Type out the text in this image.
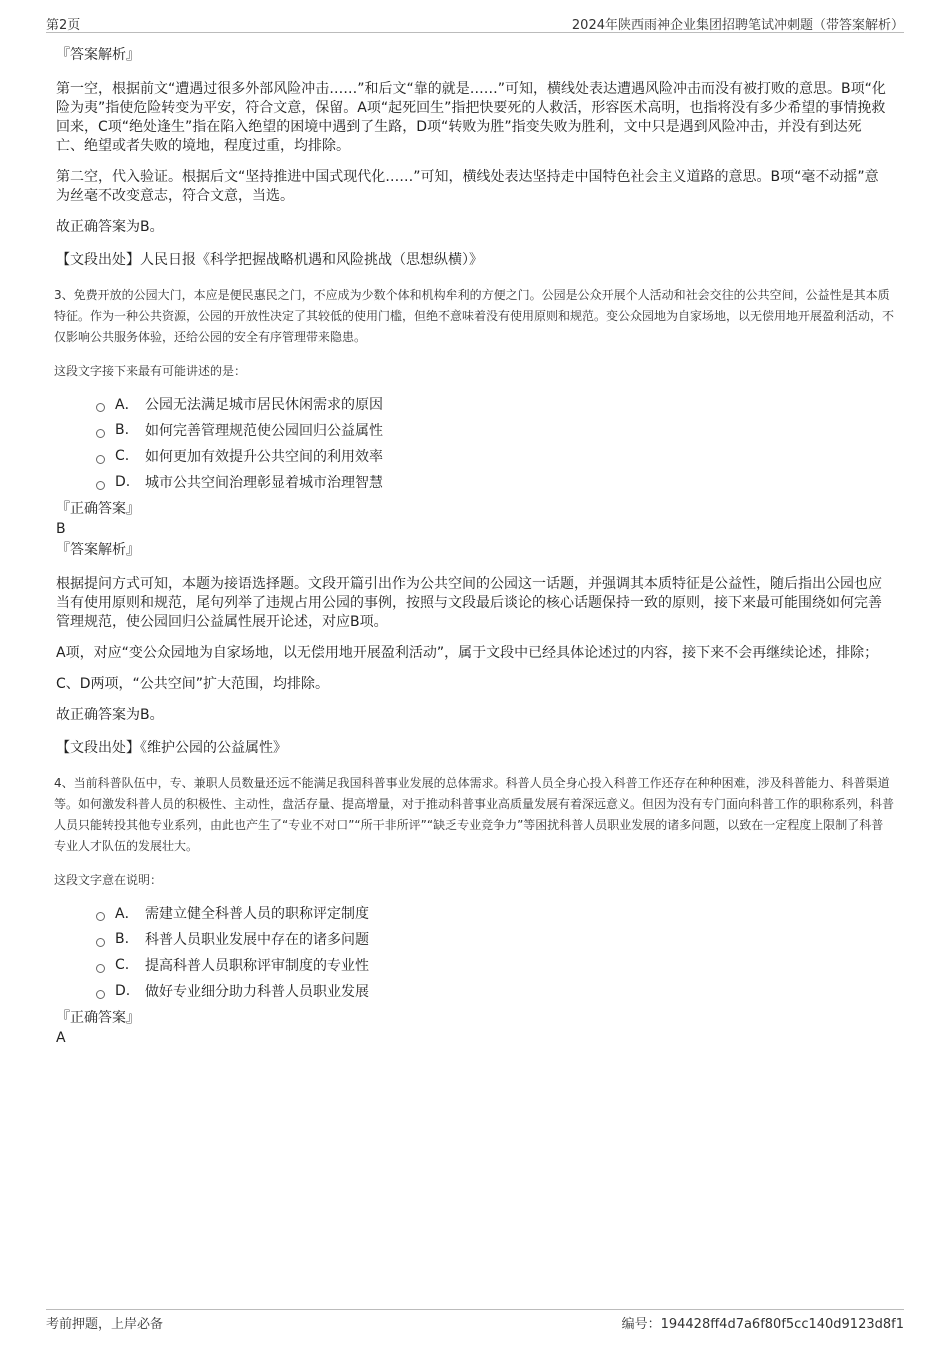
第2页	2024年陕西雨神企业集团招聘笔试冲刺题（带答案解析）
『答案解析』

第一空，根据前文“遭遇过很多外部风险冲击……”和后文“靠的就是……”可知，横线处表达遭遇风险冲击而没有被打败的意思。B项“化险为夷”指使危险转变为平安，符合文意，保留。A项“起死回生”指把快要死的人救活，形容医术高明，也指将没有多少希望的事情挽救回来，C项“绝处逢生”指在陷入绝望的困境中遇到了生路，D项“转败为胜”指变失败为胜利，文中只是遇到风险冲击，并没有到达死亡、绝望或者失败的境地，程度过重，均排除。

第二空，代入验证。根据后文“坚持推进中国式现代化……”可知，横线处表达坚持走中国特色社会主义道路的意思。B项“毫不动摇”意为丝毫不改变意志，符合文意，当选。

故正确答案为B。

【文段出处】人民日报《科学把握战略机遇和风险挑战（思想纵横）》
3、免费开放的公园大门，本应是便民惠民之门，不应成为少数个体和机构牟利的方便之门。公园是公众开展个人活动和社会交往的公共空间，公益性是其本质特征。作为一种公共资源，公园的开放性决定了其较低的使用门槛，但绝不意味着没有使用原则和规范。变公众园地为自家场地，以无偿用地开展盈利活动，不仅影响公共服务体验，还给公园的安全有序管理带来隐患。
这段文字接下来最有可能讲述的是：
A． 公园无法满足城市居民休闲需求的原因
B.	如何完善管理规范使公园回归公益属性
C.	如何更加有效提升公共空间的利用效率
D.	城市公共空间治理彰显着城市治理智慧
『正确答案』
B
『答案解析』

根据提问方式可知，本题为接语选择题。文段开篇引出作为公共空间的公园这一话题，并强调其本质特征是公益性，随后指出公园也应当有使用原则和规范，尾句列举了违规占用公园的事例，按照与文段最后谈论的核心话题保持一致的原则，接下来最可能围绕如何完善管理规范，使公园回归公益属性展开论述，对应B项。

A项，对应“变公众园地为自家场地，以无偿用地开展盈利活动”，属于文段中已经具体论述过的内容，接下来不会再继续论述，排除；

C、D两项，“公共空间”扩大范围，均排除。

故正确答案为B。

【文段出处】《维护公园的公益属性》
4、当前科普队伍中，专、兼职人员数量还远不能满足我国科普事业发展的总体需求。科普人员全身心投入科普工作还存在种种困难，涉及科普能力、科普渠道等。如何激发科普人员的积极性、主动性，盘活存量、提高增量，对于推动科普事业高质量发展有着深远意义。但因为没有专门面向科普工作的职称系列，科普人员只能转投其他专业系列，由此也产生了“专业不对口”“所干非所评”“缺乏专业竞争力”等困扰科普人员职业发展的诸多问题，以致在一定程度上限制了科普专业人才队伍的发展壮大。
这段文字意在说明：
A． 需建立健全科普人员的职称评定制度
B.	科普人员职业发展中存在的诸多问题
C.	提高科普人员职称评审制度的专业性
D.	做好专业细分助力科普人员职业发展
『正确答案』
A
考前押题，上岸必备	编号：194428ff4d7a6f80f5cc140d9123d8f1
